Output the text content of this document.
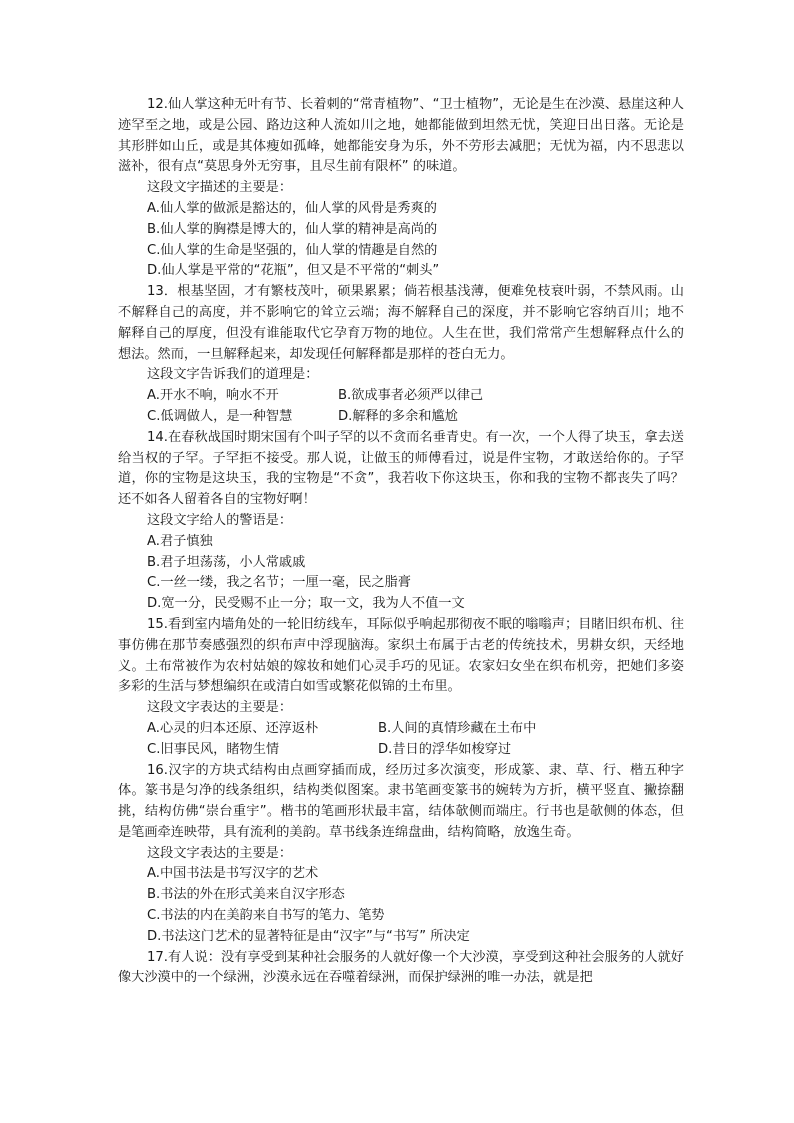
12.仙人掌这种无叶有节、长着刺的“常青植物”、“卫士植物”，无论是生在沙漠、悬崖这种人迹罕至之地，或是公园、路边这种人流如川之地，她都能做到坦然无忧，笑迎日出日落。无论是其形胖如山丘，或是其体瘦如孤峰，她都能安身为乐，外不劳形去减肥；无忧为福，内不思悲以滋补，很有点“莫思身外无穷事，且尽生前有限杯” 的味道。

这段文字描述的主要是：

A.仙人掌的做派是豁达的，仙人掌的风骨是秀爽的

B.仙人掌的胸襟是博大的，仙人掌的精神是高尚的

C.仙人掌的生命是坚强的，仙人掌的情趣是自然的

D.仙人掌是平常的“花瓶”，但又是不平常的“刺头”

13．根基坚固，才有繁枝茂叶，硕果累累；倘若根基浅薄，便难免枝衰叶弱，不禁风雨。山不解释自己的高度，并不影响它的耸立云端；海不解释自己的深度，并不影响它容纳百川；地不解释自己的厚度，但没有谁能取代它孕育万物的地位。人生在世，我们常常产生想解释点什么的想法。然而，一旦解释起来，却发现任何解释都是那样的苍白无力。

这段文字告诉我们的道理是：

A.开水不响，响水不开	B.欲成事者必须严以律己

C.低调做人，是一种智慧	D.解释的多余和尴尬

14.在春秋战国时期宋国有个叫子罕的以不贪而名垂青史。有一次，一个人得了块玉，拿去送给当权的子罕。子罕拒不接受。那人说，让做玉的师傅看过，说是件宝物，才敢送给你的。子罕道，你的宝物是这块玉，我的宝物是“不贪”，我若收下你这块玉，你和我的宝物不都丧失了吗？还不如各人留着各自的宝物好啊！

这段文字给人的警语是：

A.君子慎独

B.君子坦荡荡，小人常戚戚

C.一丝一缕，我之名节；一厘一毫，民之脂膏

D.宽一分，民受赐不止一分；取一文，我为人不值一文

15.看到室内墙角处的一轮旧纺线车，耳际似乎响起那彻夜不眠的嗡嗡声；目睹旧织布机、往事仿佛在那节奏感强烈的织布声中浮现脑海。家织土布属于古老的传统技术，男耕女织，天经地义。土布常被作为农村姑娘的嫁妆和她们心灵手巧的见证。农家妇女坐在织布机旁，把她们多姿多彩的生活与梦想编织在或清白如雪或繁花似锦的土布里。

这段文字表达的主要是：

A.心灵的归本还原、还淳返朴	B.人间的真情珍藏在土布中

C.旧事民风，睹物生情	D.昔日的浮华如梭穿过

16.汉字的方块式结构由点画穿插而成，经历过多次演变，形成篆、隶、草、行、楷五种字体。篆书是匀净的线条组织，结构类似图案。隶书笔画变篆书的婉转为方折，横平竖直、撇捺翻挑，结构仿佛“崇台重宇”。楷书的笔画形状最丰富，结体欹侧而端庄。行书也是欹侧的体态，但是笔画牵连映带，具有流利的美韵。草书线条连绵盘曲，结构简略，放逸生奇。

这段文字表达的主要是：

A.中国书法是书写汉字的艺术

B.书法的外在形式美来自汉字形态

C.书法的内在美韵来自书写的笔力、笔势

D.书法这门艺术的显著特征是由“汉字”与“书写” 所决定

17.有人说：没有享受到某种社会服务的人就好像一个大沙漠，享受到这种社会服务的人就好像大沙漠中的一个绿洲，沙漠永远在吞噬着绿洲，而保护绿洲的唯一办法，就是把
